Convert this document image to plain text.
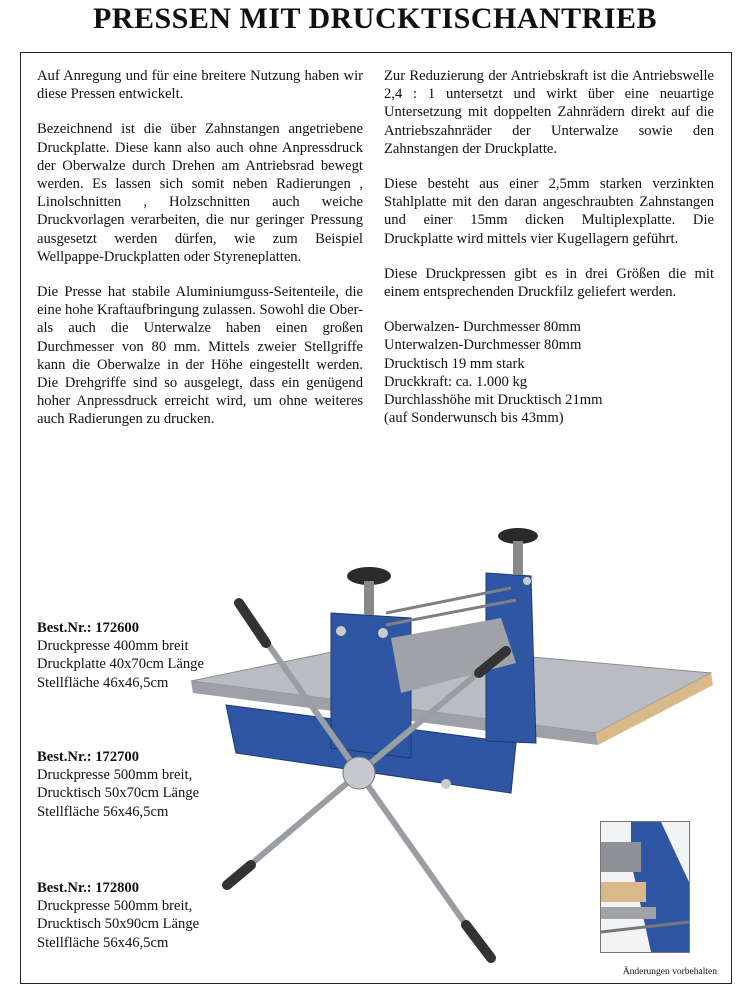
PRESSEN MIT DRUCKTISCHANTRIEB

Auf Anregung und für eine breitere Nutzung haben wir diese Pressen entwickelt.

Bezeichnend ist die über Zahnstangen angetriebene Druckplatte. Diese kann also auch ohne Anpressdruck der Oberwalze durch Drehen am Antriebsrad bewegt werden. Es lassen sich somit neben Radierungen , Linolschnitten , Holzschnitten auch weiche Druckvorlagen verarbeiten, die nur geringer Pressung ausgesetzt werden dürfen, wie zum Beispiel Wellpappe-Druckplatten oder Styreneplatten.

Die Presse hat stabile Aluminiumguss-Seitenteile, die eine hohe Kraftaufbringung zulassen. Sowohl die Ober- als auch die Unterwalze haben einen großen Durchmesser von 80 mm. Mittels zweier Stellgriffe kann die Oberwalze in der Höhe eingestellt werden. Die Drehgriffe sind so ausgelegt, dass ein genügend hoher Anpressdruck erreicht wird, um ohne weiteres auch Radierungen zu drucken.

Zur Reduzierung der Antriebskraft ist die Antriebswelle 2,4 : 1 untersetzt und wirkt über eine neuartige Untersetzung mit doppelten Zahnrädern direkt auf die Antriebszahnräder der Unterwalze sowie den Zahnstangen der Druckplatte.

Diese besteht aus einer 2,5mm starken verzinkten Stahlplatte mit den daran angeschraubten Zahnstangen und einer 15mm dicken Multiplexplatte. Die Druckplatte wird mittels vier Kugellagern geführt.

Diese Druckpressen gibt es in drei Größen die mit einem entsprechenden Druckfilz geliefert werden.

Oberwalzen- Durchmesser 80mm
Unterwalzen-Durchmesser 80mm
Drucktisch 19 mm stark
Druckkraft: ca. 1.000 kg
Durchlasshöhe mit Drucktisch 21mm
(auf Sonderwunsch bis 43mm)
Best.Nr.: 172600
Druckpresse 400mm breit
Druckplatte 40x70cm Länge
Stellfläche 46x46,5cm
Best.Nr.: 172700
Druckpresse 500mm breit,
Drucktisch 50x70cm Länge
Stellfläche 56x46,5cm
Best.Nr.: 172800
Druckpresse 500mm breit,
Drucktisch 50x90cm Länge
Stellfläche 56x46,5cm
Änderungen vorbehalten
